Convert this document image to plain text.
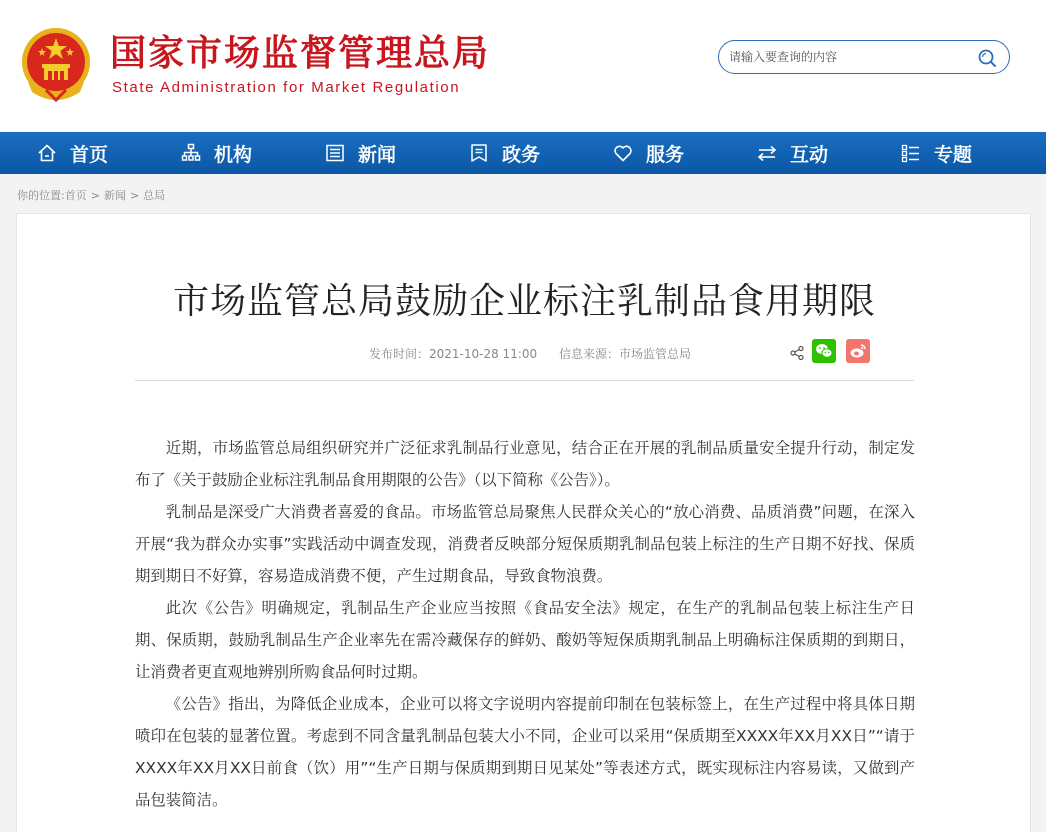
国家市场监督管理总局
State Administration for Market Regulation
请输入要查询的内容
首页	机构	新闻	政务	服务	互动	专题
你的位置:首页 > 新闻 > 总局
市场监管总局鼓励企业标注乳制品食用期限
发布时间：2021-10-28 11:00 信息来源：市场监管总局

近期，市场监管总局组织研究并广泛征求乳制品行业意见，结合正在开展的乳制品质量安全提升行动，制定发布了《关于鼓励企业标注乳制品食用期限的公告》（以下简称《公告》）。

乳制品是深受广大消费者喜爱的食品。市场监管总局聚焦人民群众关心的“放心消费、品质消费”问题，在深入开展“我为群众办实事”实践活动中调查发现，消费者反映部分短保质期乳制品包装上标注的生产日期不好找、保质期到期日不好算，容易造成消费不便，产生过期食品，导致食物浪费。

此次《公告》明确规定，乳制品生产企业应当按照《食品安全法》规定，在生产的乳制品包装上标注生产日期、保质期，鼓励乳制品生产企业率先在需冷藏保存的鲜奶、酸奶等短保质期乳制品上明确标注保质期的到期日，让消费者更直观地辨别所购食品何时过期。

《公告》指出，为降低企业成本，企业可以将文字说明内容提前印制在包装标签上，在生产过程中将具体日期喷印在包装的显著位置。考虑到不同含量乳制品包装大小不同，企业可以采用“保质期至XXXX年XX月XX日”“请于XXXX年XX月XX日前食（饮）用”“生产日期与保质期到期日见某处”等表述方式，既实现标注内容易读，又做到产品包装简洁。
